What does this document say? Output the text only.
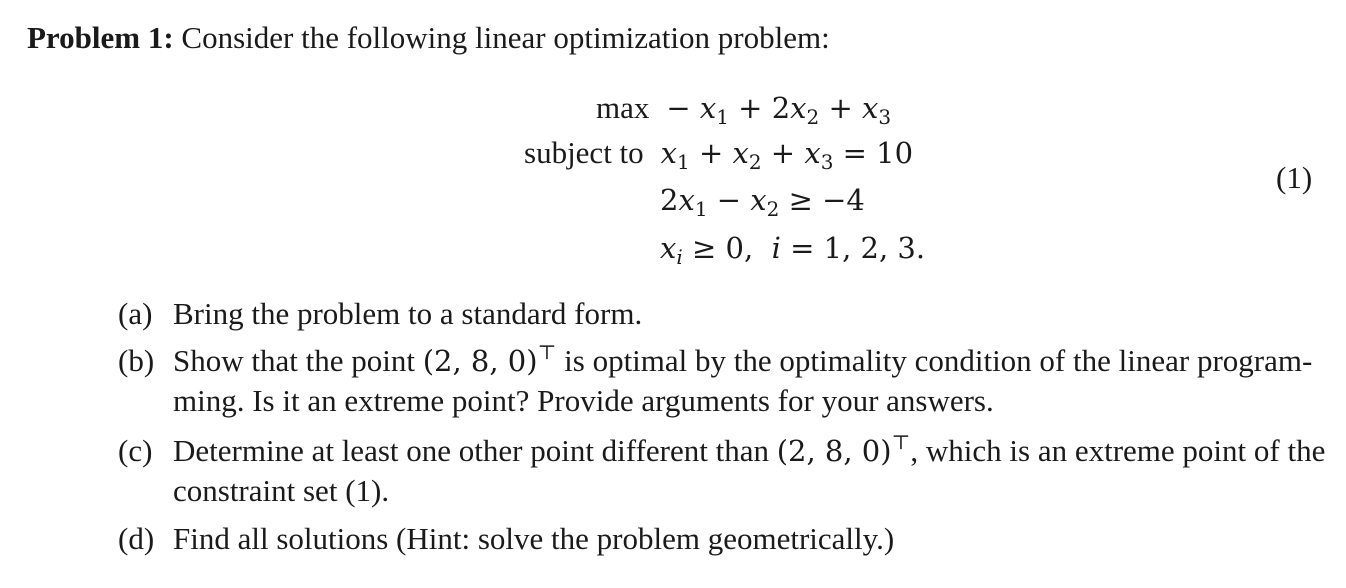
Problem 1: Consider the following linear optimization problem:
$\max - x_1 + 2x_2 + x_3$
subject to $x_1 + x_2 + x_3 = 10$
$2x_1 - x_2 \ge -4$
$x_i \ge 0$,  i = 1, 2, 3.
(1)
(a) Bring the problem to a standard form.
(b) Show that the point (2, 8, 0)⊤ is optimal by the optimality condition of the linear program-
ming. Is it an extreme point? Provide arguments for your answers.
(c) Determine at least one other point different than (2, 8, 0)⊤, which is an extreme point of the
constraint set (1).
(d) Find all solutions (Hint: solve the problem geometrically.)
